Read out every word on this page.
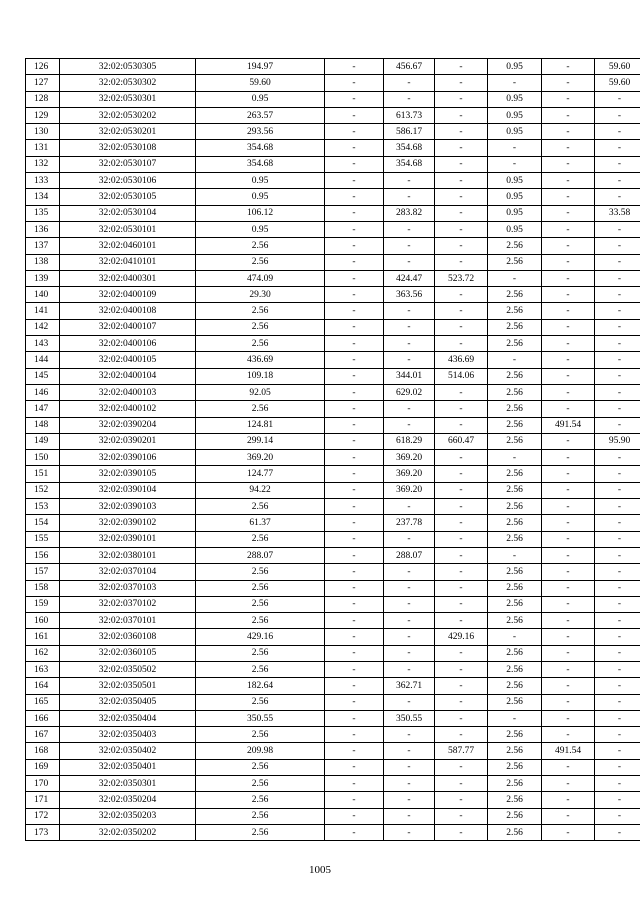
126	32:02:0530305	194.97	-	456.67	-	0.95	-	59.60
127	32:02:0530302	59.60	-	-	-	-	-	59.60
128	32:02:0530301	0.95	-	-	-	0.95	-	-
129	32:02:0530202	263.57	-	613.73	-	0.95	-	-
130	32:02:0530201	293.56	-	586.17	-	0.95	-	-
131	32:02:0530108	354.68	-	354.68	-	-	-	-
132	32:02:0530107	354.68	-	354.68	-	-	-	-
133	32:02:0530106	0.95	-	-	-	0.95	-	-
134	32:02:0530105	0.95	-	-	-	0.95	-	-
135	32:02:0530104	106.12	-	283.82	-	0.95	-	33.58
136	32:02:0530101	0.95	-	-	-	0.95	-	-
137	32:02:0460101	2.56	-	-	-	2.56	-	-
138	32:02:0410101	2.56	-	-	-	2.56	-	-
139	32:02:0400301	474.09	-	424.47	523.72	-	-	-
140	32:02:0400109	29.30	-	363.56	-	2.56	-	-
141	32:02:0400108	2.56	-	-	-	2.56	-	-
142	32:02:0400107	2.56	-	-	-	2.56	-	-
143	32:02:0400106	2.56	-	-	-	2.56	-	-
144	32:02:0400105	436.69	-	-	436.69	-	-	-
145	32:02:0400104	109.18	-	344.01	514.06	2.56	-	-
146	32:02:0400103	92.05	-	629.02	-	2.56	-	-
147	32:02:0400102	2.56	-	-	-	2.56	-	-
148	32:02:0390204	124.81	-	-	-	2.56	491.54	-
149	32:02:0390201	299.14	-	618.29	660.47	2.56	-	95.90
150	32:02:0390106	369.20	-	369.20	-	-	-	-
151	32:02:0390105	124.77	-	369.20	-	2.56	-	-
152	32:02:0390104	94.22	-	369.20	-	2.56	-	-
153	32:02:0390103	2.56	-	-	-	2.56	-	-
154	32:02:0390102	61.37	-	237.78	-	2.56	-	-
155	32:02:0390101	2.56	-	-	-	2.56	-	-
156	32:02:0380101	288.07	-	288.07	-	-	-	-
157	32:02:0370104	2.56	-	-	-	2.56	-	-
158	32:02:0370103	2.56	-	-	-	2.56	-	-
159	32:02:0370102	2.56	-	-	-	2.56	-	-
160	32:02:0370101	2.56	-	-	-	2.56	-	-
161	32:02:0360108	429.16	-	-	429.16	-	-	-
162	32:02:0360105	2.56	-	-	-	2.56	-	-
163	32:02:0350502	2.56	-	-	-	2.56	-	-
164	32:02:0350501	182.64	-	362.71	-	2.56	-	-
165	32:02:0350405	2.56	-	-	-	2.56	-	-
166	32:02:0350404	350.55	-	350.55	-	-	-	-
167	32:02:0350403	2.56	-	-	-	2.56	-	-
168	32:02:0350402	209.98	-	-	587.77	2.56	491.54	-
169	32:02:0350401	2.56	-	-	-	2.56	-	-
170	32:02:0350301	2.56	-	-	-	2.56	-	-
171	32:02:0350204	2.56	-	-	-	2.56	-	-
172	32:02:0350203	2.56	-	-	-	2.56	-	-
173	32:02:0350202	2.56	-	-	-	2.56	-	-
1005
